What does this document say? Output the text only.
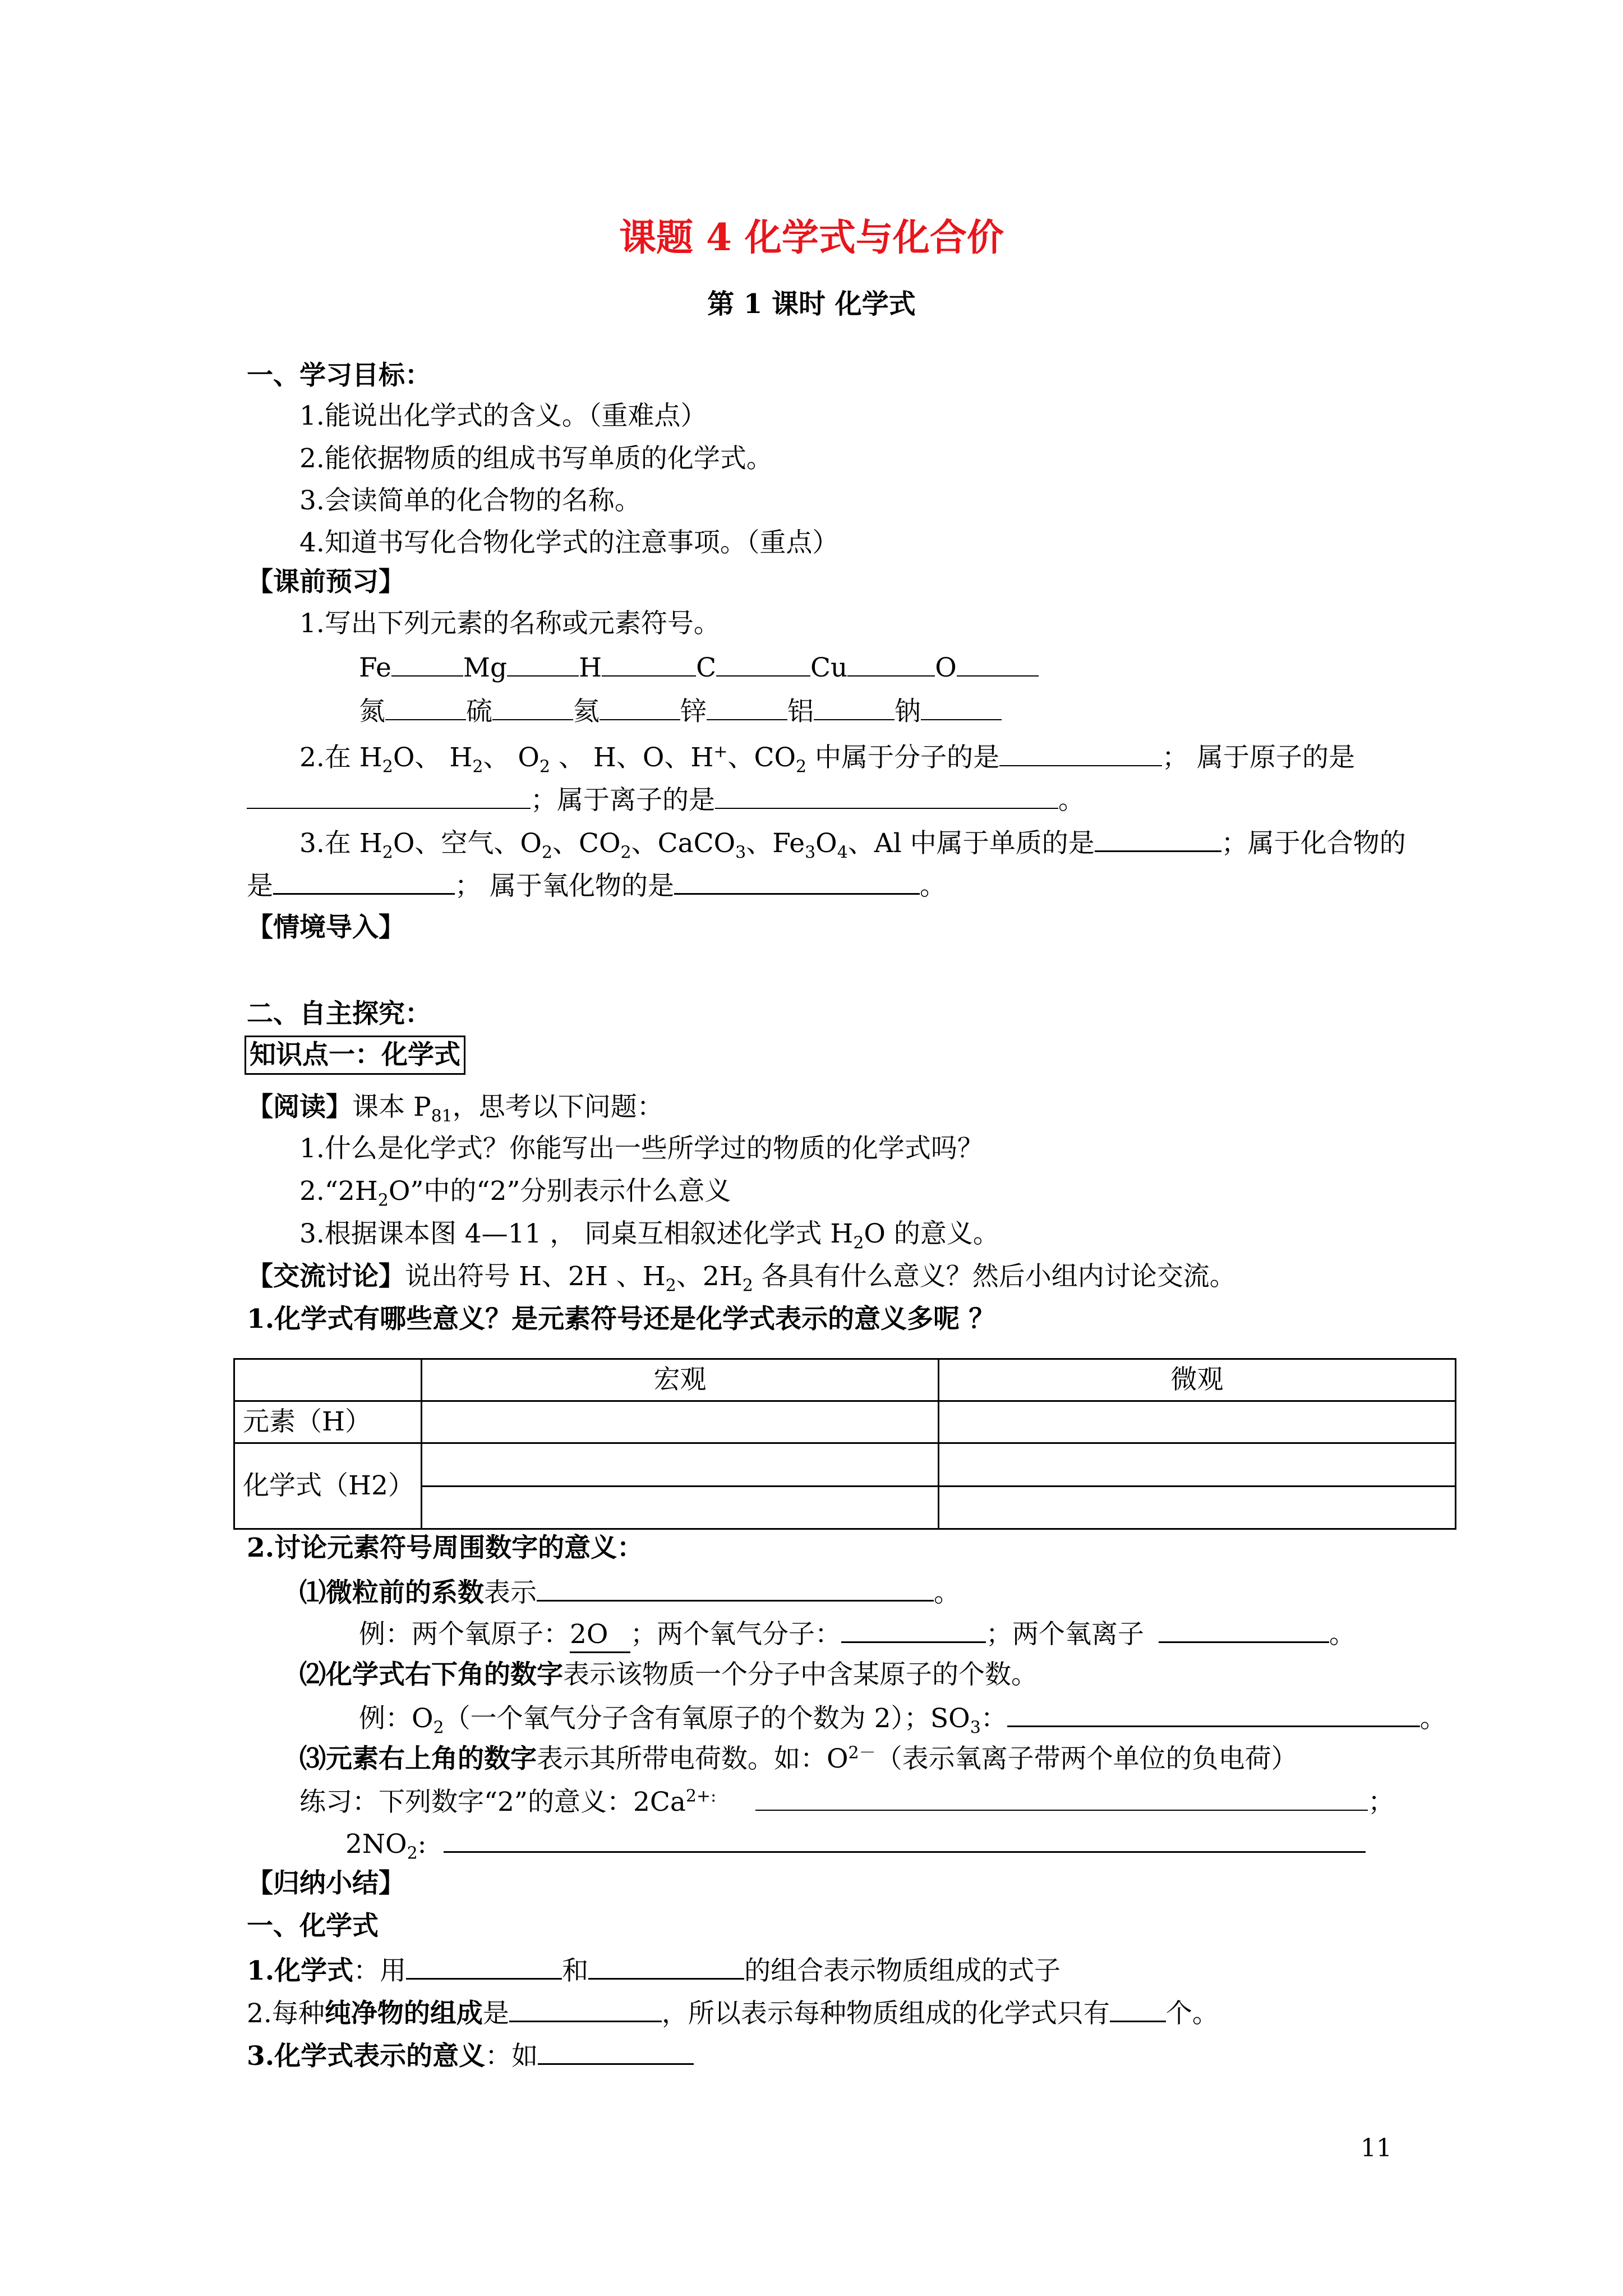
课题 4 化学式与化合价
第 1 课时 化学式
一、学习目标：
1.能说出化学式的含义。（重难点）
2.能依据物质的组成书写单质的化学式。
3.会读简单的化合物的名称。
4.知道书写化合物化学式的注意事项。（重点）
【课前预习】
1.写出下列元素的名称或元素符号。
Fe	Mg	H	C	Cu	O
氮	硫	氦	锌	铝	钠
2.在 $H_2O$、 $H_2$、 $O_2$ 、 H、O、H+、$CO_2$ 中属于分子的是	； 属于原子的是
；属于离子的是	。
3.在 $H_2O$、空气、$O_2$、$CO_2$、CaCO$_3$、$Fe_3O_4$、Al 中属于单质的是	；属于化合物的
是	； 属于氧化物的是	。
【情境导入】
二、自主探究：
知识点一：化学式
【阅读】课本 $P_{81}$，思考以下问题：
1.什么是化学式？你能写出一些所学过的物质的化学式吗？
$2.“2H_2O$”中的“2”分别表示什么意义
3.根据课本图 4—11 ， 同桌互相叙述化学式 $H_2O$ 的意义。
【交流讨论】说出符号 H、2H 、$H_2$、$2H_2$ 各具有什么意义？然后小组内讨论交流。
1.化学式有哪些意义？是元素符号还是化学式表示的意义多呢 ？
	宏观	微观
元素（H）		
化学式（H2）		

2.讨论元素符号周围数字的意义：
⑴微粒前的系数表示	。
例：两个氧原子：2O ；两个氧气分子：	；两个氧离子	。
⑵化学式右下角的数字表示该物质一个分子中含某原子的个数。
例：$O_2$（一个氧气分子含有氧原子的个数为 2）；$SO_3$：	。
⑶元素右上角的数字表示其所带电荷数。如：$O^{2-}$（表示氧离子带两个单位的负电荷）
练习：下列数字“2”的意义：$2Ca^{2+:}$	；
$2NO_2$:
【归纳小结】
一、化学式
1.化学式：用	和	的组合表示物质组成的式子
2.每种纯净物的组成是	，所以表示每种物质组成的化学式只有 个。
3.化学式表示的意义：如
11
